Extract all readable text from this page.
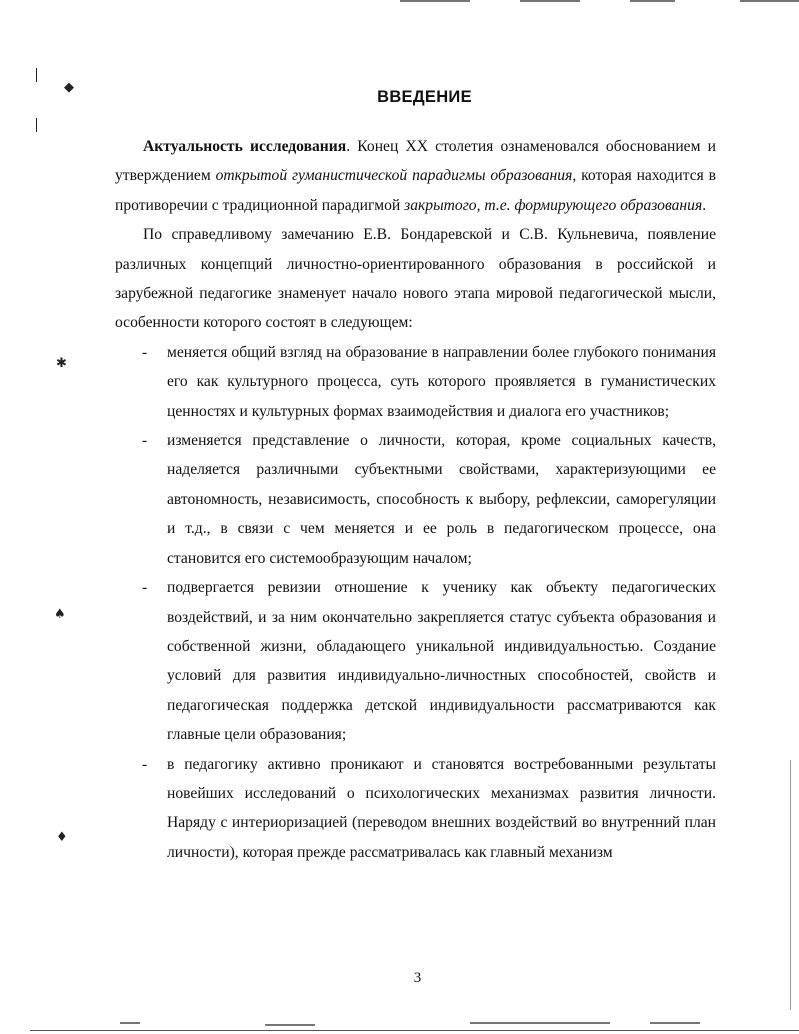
◆
✱
♠
♦
ВВЕДЕНИЕ

Актуальность исследования. Конец XX столетия ознаменовался обоснованием и утверждением открытой гуманистической парадигмы образования, которая находится в противоречии с традиционной парадигмой закрытого, т.е. формирующего образования.

По справедливому замечанию Е.В. Бондаревской и С.В. Кульневича, появление различных концепций личностно-ориентированного образования в российской и зарубежной педагогике знаменует начало нового этапа мировой педагогической мысли, особенности которого состоят в следующем:

- меняется общий взгляд на образование в направлении более глубокого понимания его как культурного процесса, суть которого проявляется в гуманистических ценностях и культурных формах взаимодействия и диалога его участников;
- изменяется представление о личности, которая, кроме социальных качеств, наделяется различными субъектными свойствами, характеризующими ее автономность, независимость, способность к выбору, рефлексии, саморегуляции и т.д., в связи с чем меняется и ее роль в педагогическом процессе, она становится его системообразующим началом;
- подвергается ревизии отношение к ученику как объекту педагогических воздействий, и за ним окончательно закрепляется статус субъекта образования и собственной жизни, обладающего уникальной индивидуальностью. Создание условий для развития индивидуально-личностных способностей, свойств и педагогическая поддержка детской индивидуальности рассматриваются как главные цели образования;
- в педагогику активно проникают и становятся востребованными результаты новейших исследований о психологических механизмах развития личности. Наряду с интериоризацией (переводом внешних воздействий во внутренний план личности), которая прежде рассматривалась как главный механизм
3
